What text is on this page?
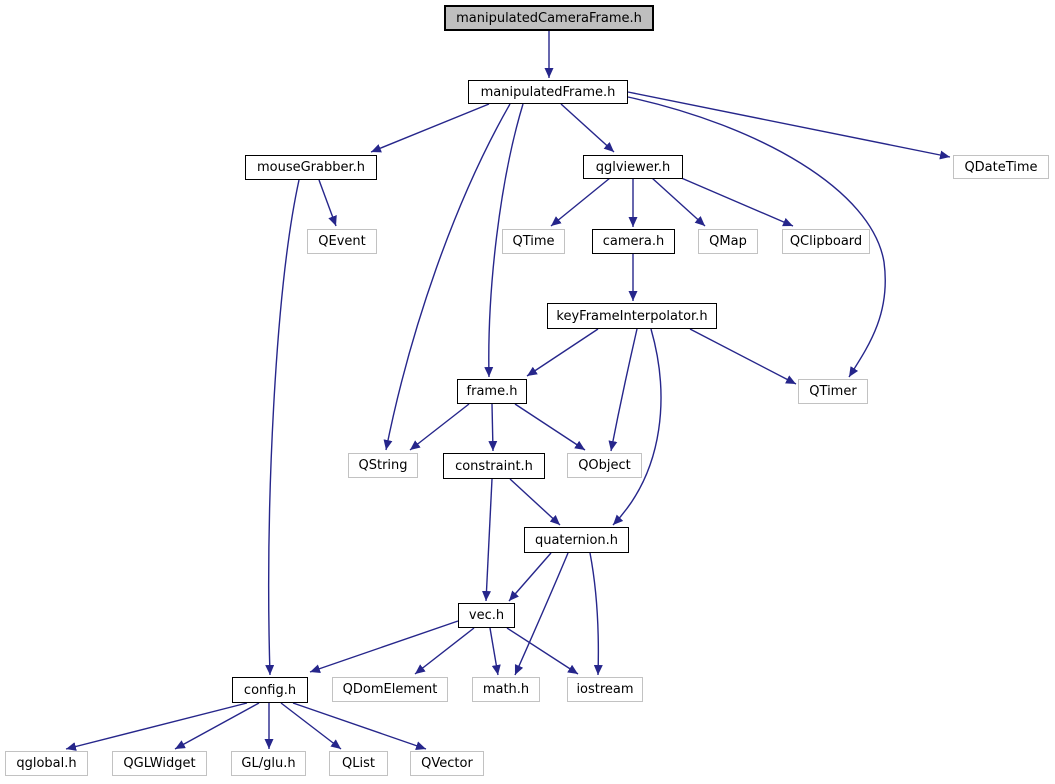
manipulatedCameraFrame.h
manipulatedFrame.h
mouseGrabber.h	qglviewer.h	QDateTime
QEvent	QTime	camera.h	QMap	QClipboard
keyFrameInterpolator.h
frame.h	QTimer
QString	constraint.h	QObject
quaternion.h
vec.h
config.h	QDomElement	math.h	iostream
qglobal.h	QGLWidget	GL/glu.h	QList	QVector
